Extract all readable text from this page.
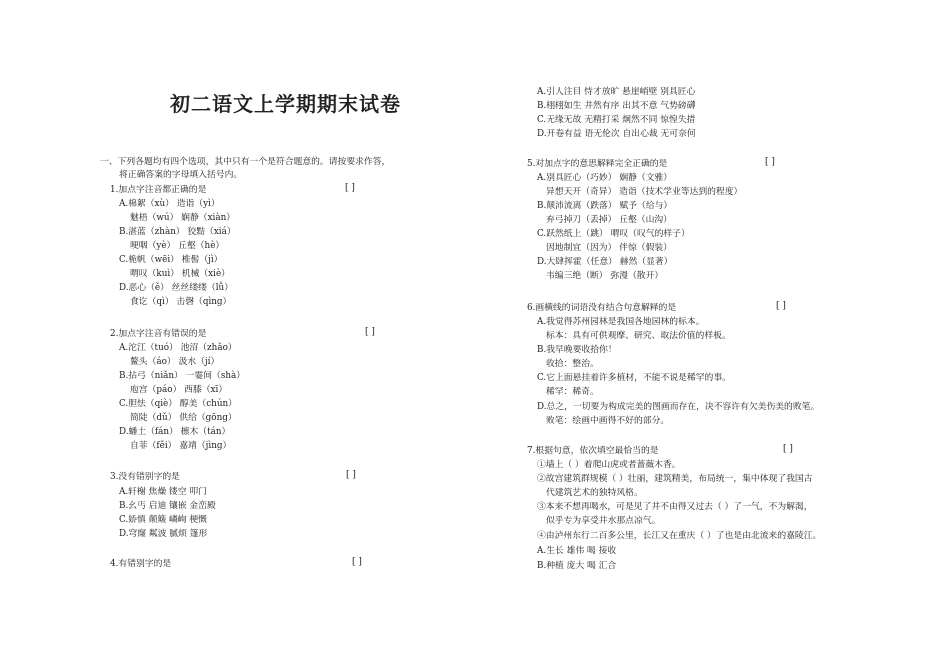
初二语文上学期期末试卷
一、下列各题均有四个选项，其中只有一个是符合题意的。请按要求作答，
将正确答案的字母填入括号内。
1.加点字注音都正确的是
A.棉絮（xù） 造诣（yì）
魅梧（wú） 娴静（xiàn）
B.湛蓝（zhàn） 狡黠（xiá）
哽咽（yè） 丘壑（hè）
C.桅帆（wēi） 椎髻（jì）
喟叹（kuì） 机械（xiè）
D.恶心（ě） 丝丝缕缕（lǚ）
食讫（qì） 击磬（qìng）
2.加点字注音有错误的是
A.沱江（tuó） 池沼（zhǎo）
鳌头（áo） 汲水（jí）
B.拈弓（niǎn） 一霎间（shà）
庖宫（páo） 西膝（xī）
C.胆怯（qiè） 醇美（chún）
简陡（dǔ） 供给（gōng）
D.蟠土（fán） 檩木（tán）
自菲（fěi） 嘉靖（jìng）
3.没有错别字的是
A.轩榭 焦燥 镂空 叩门
B.幺丐 启迪 镶嵌 金峦殿
C.娇慎 颠簸 嶙峋 梗慨
D.穹窿 粼波 腻烦 篷形
4.有错别字的是
A.引人注目 恃才放旷 悬崖峭壁 别具匠心
B.栩栩如生 井然有序 出其不意 气势磅礴
C.无缘无故 无精打采 炯然不同 惊惶失措
D.开卷有益 语无伦次 自出心裁 无可奈何
5.对加点字的意思解释完全正确的是
A.别具匠心（巧妙） 娴静（文雅）
异想天开（奇异） 造诣（技术学业等达到的程度）
B.颠沛流离（跌落） 赋予（给与）
弃弓掉刀（丢掉） 丘壑（山沟）
C.跃然纸上（跳） 喟叹（叹气的样子）
因地制宜（因为） 伴惊（假装）
D.大肆挥霍（任意） 赫然（显著）
韦编三绝（断） 弥漫（散开）
6.画横线的词语没有结合句意解释的是
A.我觉得苏州园林是我国各地园林的标本。
标本：具有可供观摩、研究、取法价值的样板。
B.我早晚要收拾你！
收拾：整治。
C.它上面悬挂着许多植材，不能不说是稀罕的事。
稀罕：稀奇。
D.总之，一切要为构成完美的图画而存在，决不容许有欠美伤美的败笔。
败笔：绘画中画得不好的部分。
7.根据句意，依次填空最恰当的是
①墙上（ ）着爬山虎或者蔷薇木香。
②故宫建筑群规模（ ）壮丽，建筑精美，布局统一，集中体现了我国古
代建筑艺术的独特风格。
③本来不想再喝水，可是见了井不由得又过去（ ）了一气，不为解渴，
似乎专为享受井水那点凉气。
④由泸州东行二百多公里，长江又在重庆（ ）了也是由北流来的嘉陵江。
A.生长 雄伟 喝 接收
B.种植 庞大 喝 汇合
[ ]
[ ]
[ ]
[ ]
[ ]
[ ]
[ ]
